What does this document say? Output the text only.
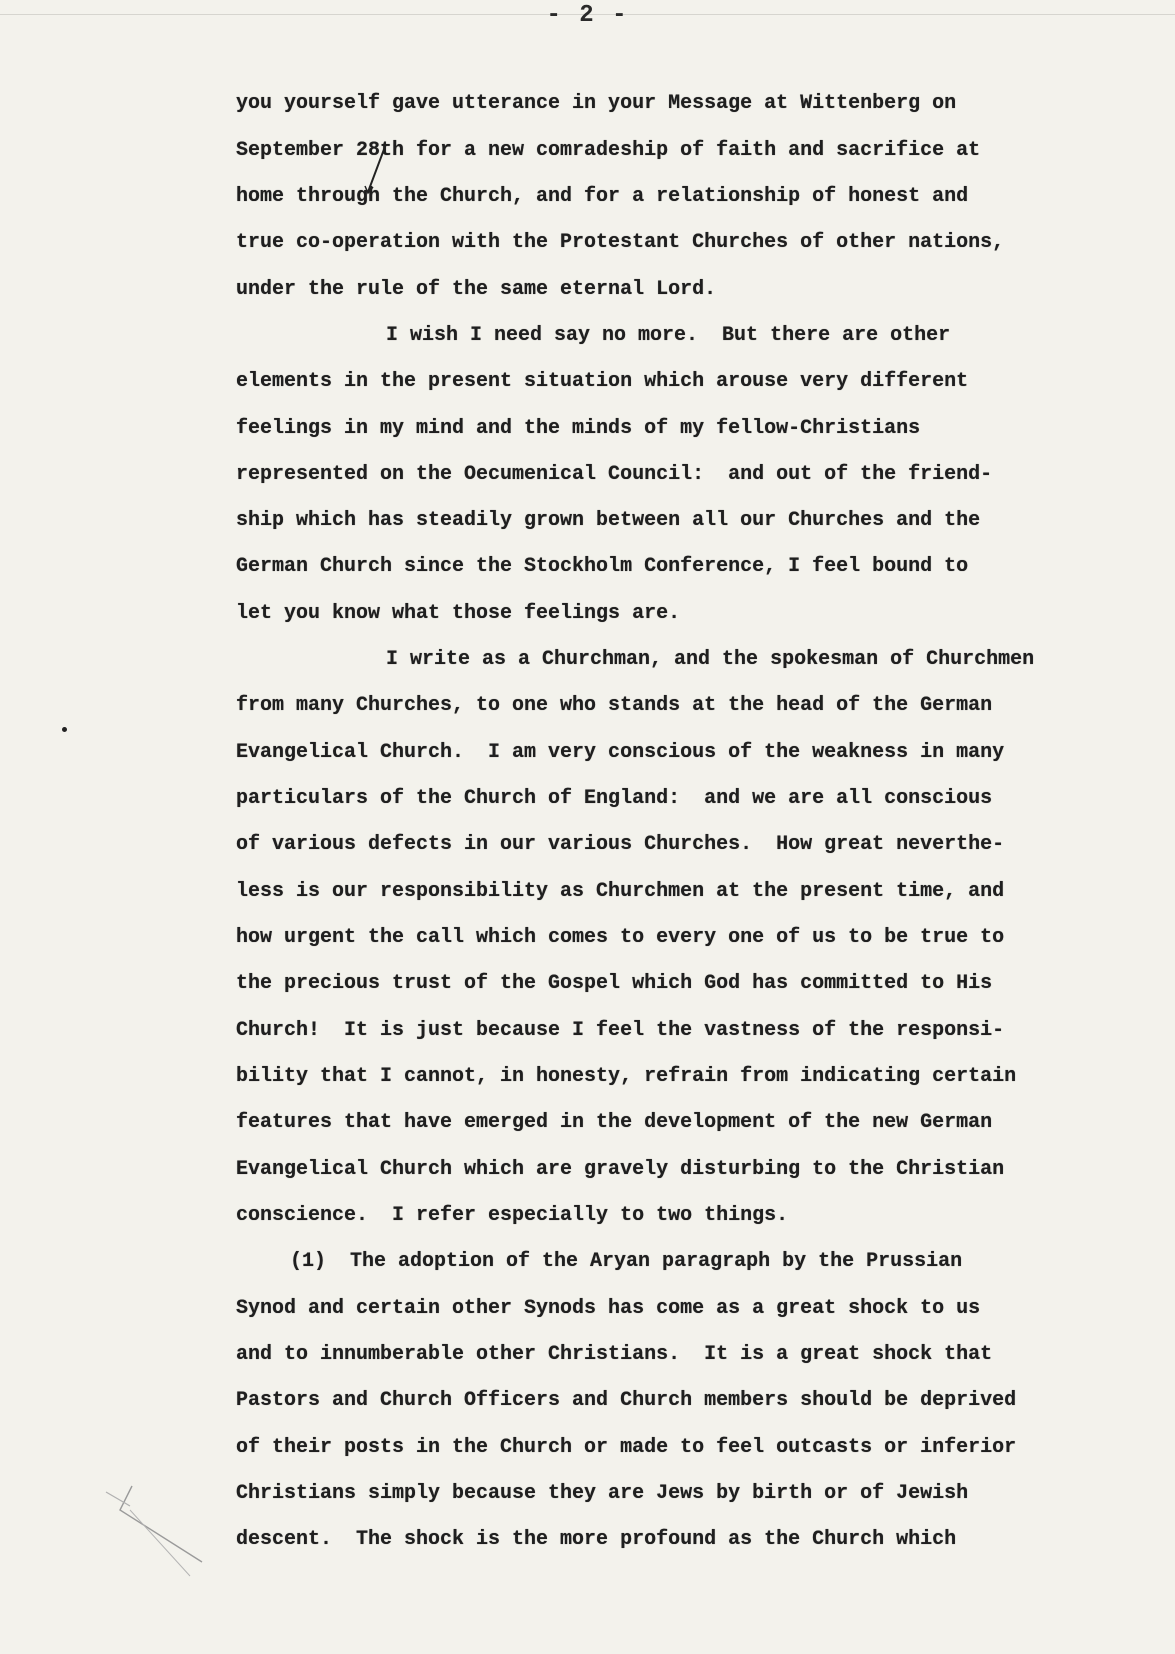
- 2 -
you yourself gave utterance in your Message at Wittenberg on
September 28th for a new comradeship of faith and sacrifice at
home through the Church, and for a relationship of honest and
true co-operation with the Protestant Churches of other nations,
under the rule of the same eternal Lord.
I wish I need say no more.  But there are other
elements in the present situation which arouse very different
feelings in my mind and the minds of my fellow-Christians
represented on the Oecumenical Council:  and out of the friend-
ship which has steadily grown between all our Churches and the
German Church since the Stockholm Conference, I feel bound to
let you know what those feelings are.
I write as a Churchman, and the spokesman of Churchmen
from many Churches, to one who stands at the head of the German
Evangelical Church.  I am very conscious of the weakness in many
particulars of the Church of England:  and we are all conscious
of various defects in our various Churches.  How great neverthe-
less is our responsibility as Churchmen at the present time, and
how urgent the call which comes to every one of us to be true to
the precious trust of the Gospel which God has committed to His
Church!  It is just because I feel the vastness of the responsi-
bility that I cannot, in honesty, refrain from indicating certain
features that have emerged in the development of the new German
Evangelical Church which are gravely disturbing to the Christian
conscience.  I refer especially to two things.
(1)  The adoption of the Aryan paragraph by the Prussian
Synod and certain other Synods has come as a great shock to us
and to innumberable other Christians.  It is a great shock that
Pastors and Church Officers and Church members should be deprived
of their posts in the Church or made to feel outcasts or inferior
Christians simply because they are Jews by birth or of Jewish
descent.  The shock is the more profound as the Church which
